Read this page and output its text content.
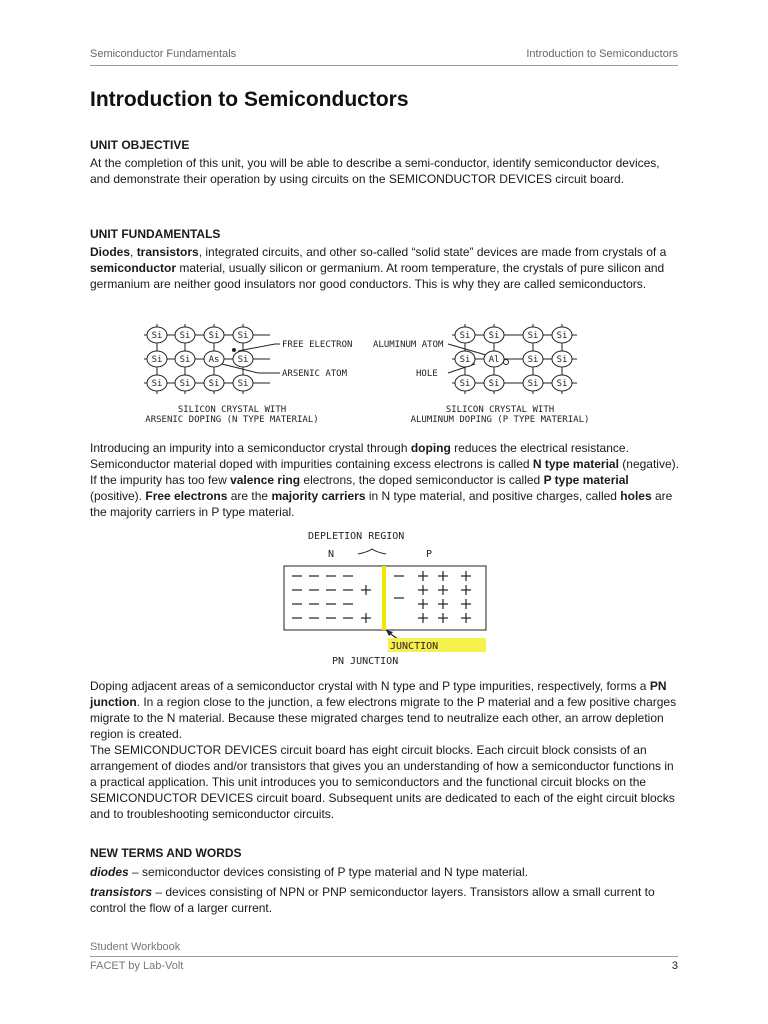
Semiconductor Fundamentals	Introduction to Semiconductors
Introduction to Semiconductors
UNIT OBJECTIVE
At the completion of this unit, you will be able to describe a semi-conductor, identify semiconductor devices, and demonstrate their operation by using circuits on the SEMICONDUCTOR DEVICES circuit board.
UNIT FUNDAMENTALS
Diodes, transistors, integrated circuits, and other so-called “solid state” devices are made from crystals of a semiconductor material, usually silicon or germanium. At room temperature, the crystals of pure silicon and germanium are neither good insulators nor good conductors. This is why they are called semiconductors.
Si Si Si Si
Si Si As Si
Si Si Si Si
Si Si	Si Si
Si Al	Si Si
Si Si	Si Si
FREE ELECTRON
ARSENIC ATOM
ALUMINUM ATOM
HOLE
SILICON CRYSTAL WITH
ARSENIC DOPING (N TYPE MATERIAL)
SILICON CRYSTAL WITH
ALUMINUM DOPING (P TYPE MATERIAL)
Introducing an impurity into a semiconductor crystal through doping reduces the electrical resistance. Semiconductor material doped with impurities containing excess electrons is called N type material (negative). If the impurity has too few valence ring electrons, the doped semiconductor is called P type material (positive). Free electrons are the majority carriers in N type material, and positive charges, called holes are the majority carriers in P type material.
DEPLETION REGION
N	P
JUNCTION
PN JUNCTION
Doping adjacent areas of a semiconductor crystal with N type and P type impurities, respectively, forms a PN junction. In a region close to the junction, a few electrons migrate to the P material and a few positive charges migrate to the N material. Because these migrated charges tend to neutralize each other, an arrow depletion region is created.
The SEMICONDUCTOR DEVICES circuit board has eight circuit blocks. Each circuit block consists of an arrangement of diodes and/or transistors that gives you an understanding of how a semiconductor functions in a practical application. This unit introduces you to semiconductors and the functional circuit blocks on the SEMICONDUCTOR DEVICES circuit board. Subsequent units are dedicated to each of the eight circuit blocks and to troubleshooting semiconductor circuits.
NEW TERMS AND WORDS
diodes – semiconductor devices consisting of P type material and N type material.
transistors – devices consisting of NPN or PNP semiconductor layers. Transistors allow a small current to control the flow of a larger current.
Student Workbook
FACET by Lab-Volt	3
